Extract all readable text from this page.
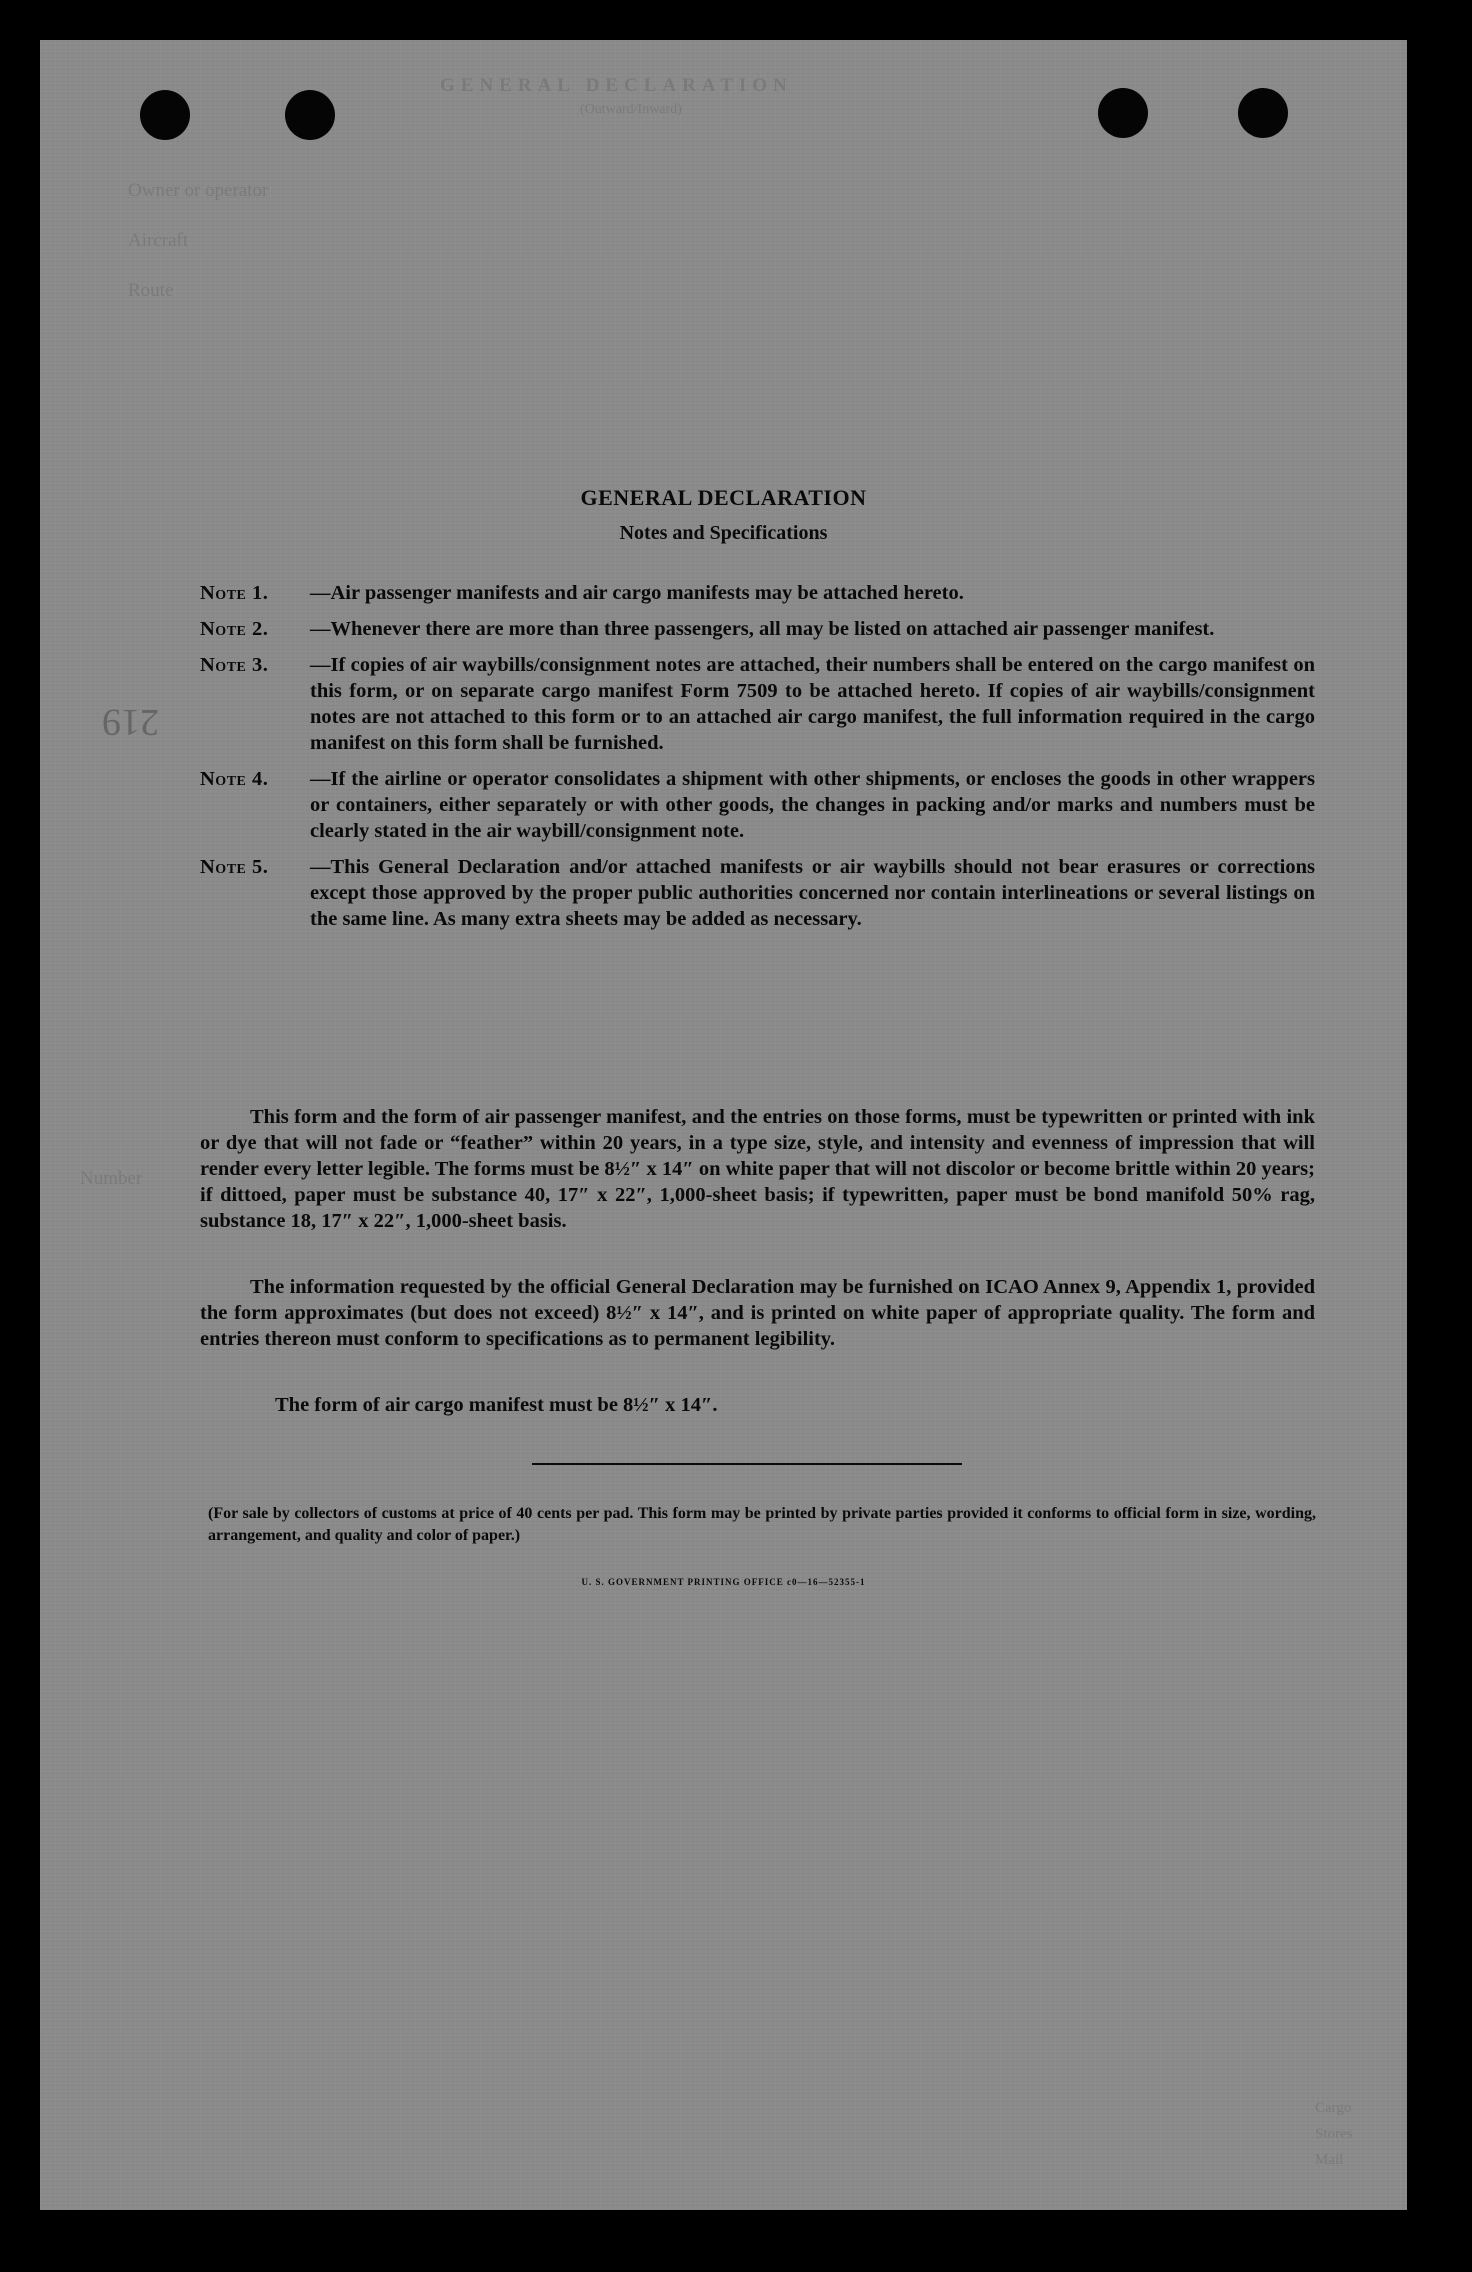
GENERAL DECLARATION
(Outward/Inward)
Owner or operator
Aircraft
Route
Number
Cargo
Stores
Mail
219
GENERAL DECLARATION
Notes and Specifications
Note 1.	—Air passenger manifests and air cargo manifests may be attached hereto.
Note 2.	—Whenever there are more than three passengers, all may be listed on attached air passenger manifest.
Note 3.	—If copies of air waybills/consignment notes are attached, their numbers shall be entered on the cargo manifest on this form, or on separate cargo manifest Form 7509 to be attached hereto. If copies of air waybills/consignment notes are not attached to this form or to an attached air cargo manifest, the full information required in the cargo manifest on this form shall be furnished.
Note 4.	—If the airline or operator consolidates a shipment with other shipments, or encloses the goods in other wrappers or containers, either separately or with other goods, the changes in packing and/or marks and numbers must be clearly stated in the air waybill/consignment note.
Note 5.	—This General Declaration and/or attached manifests or air waybills should not bear erasures or corrections except those approved by the proper public authorities concerned nor contain interlineations or several listings on the same line. As many extra sheets may be added as necessary.
This form and the form of air passenger manifest, and the entries on those forms, must be typewritten or printed with ink or dye that will not fade or “feather” within 20 years, in a type size, style, and intensity and evenness of impression that will render every letter legible. The forms must be 8½″ x 14″ on white paper that will not discolor or become brittle within 20 years; if dittoed, paper must be substance 40, 17″ x 22″, 1,000-sheet basis; if typewritten, paper must be bond manifold 50% rag, substance 18, 17″ x 22″, 1,000-sheet basis.
The information requested by the official General Declaration may be furnished on ICAO Annex 9, Appendix 1, provided the form approximates (but does not exceed) 8½″ x 14″, and is printed on white paper of appropriate quality. The form and entries thereon must conform to specifications as to permanent legibility.
The form of air cargo manifest must be 8½″ x 14″.
(For sale by collectors of customs at price of 40 cents per pad. This form may be printed by private parties provided it conforms to official form in size, wording, arrangement, and quality and color of paper.)
U. S. GOVERNMENT PRINTING OFFICE c0—16—52355-1
